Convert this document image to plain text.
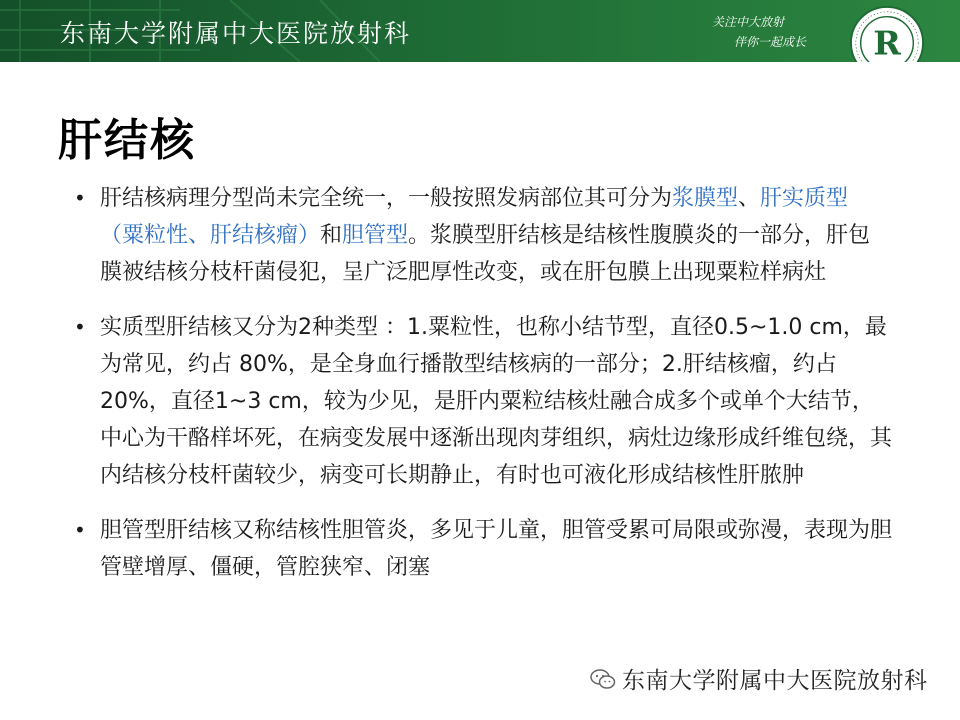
东南大学附属中大医院放射科	关注中大放射
伴你一起成长 R
肝结核
• 肝结核病理分型尚未完全统一，一般按照发病部位其可分为浆膜型、肝实质型（粟粒性、肝结核瘤）和胆管型。浆膜型肝结核是结核性腹膜炎的一部分，肝包膜被结核分枝杆菌侵犯，呈广泛肥厚性改变，或在肝包膜上出现粟粒样病灶
• 实质型肝结核又分为2种类型 ：1.粟粒性，也称小结节型，直径0.5~1.0 cm，最为常见，约占 80%，是全身血行播散型结核病的一部分；2.肝结核瘤，约占20%，直径1~3 cm，较为少见，是肝内粟粒结核灶融合成多个或单个大结节，中心为干酪样坏死，在病变发展中逐渐出现肉芽组织，病灶边缘形成纤维包绕，其内结核分枝杆菌较少，病变可长期静止，有时也可液化形成结核性肝脓肿
• 胆管型肝结核又称结核性胆管炎，多见于儿童，胆管受累可局限或弥漫，表现为胆管壁增厚、僵硬，管腔狭窄、闭塞
东南大学附属中大医院放射科
